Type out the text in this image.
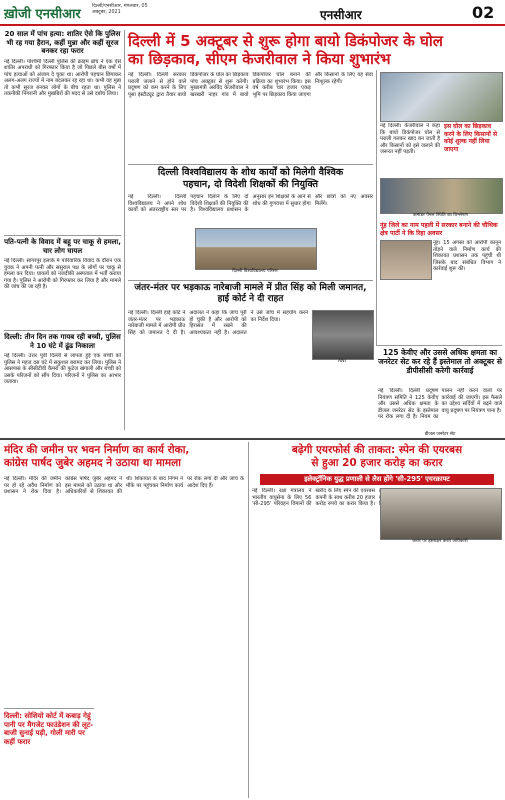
ख़ोजी एनसीआर
दिल्ली/एनसीआर, मंगलवार, 05 अक्टूबर, 2021	एनसीआर	02
दिल्ली में 5 अक्टूबर से शुरू होगा बायो डिकंपोजर के घोल
का छिड़काव, सीएम केजरीवाल ने किया शुभारंभ
20 साल में पांच हत्या: शातिर ऐसे कि पुलिस भी रह गया हैरान, कहीं मुन्ना और कहीं सूरज बनकर रहा फरार
नई दिल्ली। पश्चिमी दिल्ली पुलिस की क्राइम ब्रांच ने एक ऐसे शातिर अपराधी को गिरफ्तार किया है जो पिछले बीस वर्षों में पांच हत्याओं को अंजाम दे चुका था। आरोपी पहचान छिपाकर अलग-अलग राज्यों में नाम बदलकर रह रहा था। कभी वह मुन्ना तो कभी सूरज बनकर लोगों के बीच रहता था। पुलिस ने तकनीकी निगरानी और मुखबिरों की मदद से उसे दबोच लिया।
पति-पत्नी के विवाद में बहू पर चाकू से हमला, चार लोग घायल
नई दिल्ली। सागरपुर इलाके में पारिवारिक विवाद के दौरान एक युवक ने अपनी पत्नी और ससुराल पक्ष के लोगों पर चाकू से हमला कर दिया। घायलों को नजदीकी अस्पताल में भर्ती कराया गया है। पुलिस ने आरोपी को गिरफ्तार कर लिया है और मामले की जांच की जा रही है।
दिल्ली: तीन दिन तक गायब रही बच्ची, पुलिस ने 10 घंटे में ढूंढ निकाला
नई दिल्ली। उत्तर पूर्वी दिल्ली से लापता हुई एक बच्ची को पुलिस ने महज दस घंटे में सकुशल बरामद कर लिया। पुलिस ने आसपास के सीसीटीवी कैमरों की फुटेज खंगाली और बच्ची को उसके परिजनों को सौंप दिया। परिजनों ने पुलिस का आभार जताया।
नई दिल्ली। दिल्ली सरकार पराली जलाने से होने वाले प्रदूषण को कम करने के लिए पूसा इंस्टीट्यूट द्वारा तैयार बायो डिकंपोजर के घोल का छिड़काव पांच अक्टूबर से शुरू करेगी। मुख्यमंत्री अरविंद केजरीवाल ने खरखरी नाहर गांव में बायो डिकंपोजर घोल बनाने की प्रक्रिया का शुभारंभ किया। इस वर्ष करीब चार हजार एकड़ भूमि पर छिड़काव किया जाएगा और किसानों के लिए यह सेवा निःशुल्क रहेगी।
नई दिल्ली। केजरीवाल ने कहा कि बायो डिकंपोजर घोल से पराली गलकर खाद बन जाती है और किसानों को इसे जलाने की जरूरत नहीं पड़ती।
इस घोल का छिड़काव करने के लिए किसानों से कोई शुल्क नहीं लिया जाएगा
कमांडर पैनल स्थिति का विश्लेषण
नूंह जिले का नाम पहली में सरकार बनाने की चौथिक क्षेत्र पार्टी ने कि रिहा अवसर
नूंह। 15 अगस्त को आरोपी कानून तोड़ने वाले निर्माण कार्य की शिकायत प्रशासन तक पहुंची थी जिसके बाद संबंधित विभाग ने कार्रवाई शुरू की।
दिल्ली विश्वविद्यालय के शोध कार्यों को मिलेगी वैश्विक
पहचान, दो विदेशी शिक्षकों की नियुक्ति
नई दिल्ली। दिल्ली विश्वविद्यालय ने अपने शोध कार्यों को अंतरराष्ट्रीय स्तर पर पहचान दिलाने के लिए दो विदेशी शिक्षकों की नियुक्ति की है। विश्वविद्यालय प्रशासन के अनुसार इन शिक्षकों के आने से शोध की गुणवत्ता में सुधार होगा और छात्रों को नए अवसर मिलेंगे।
दिल्ली विश्वविद्यालय परिसर
जंतर-मंतर पर भड़काऊ नारेबाजी मामले में प्रीत सिंह को मिली जमानत, हाई कोर्ट ने दी राहत
नई दिल्ली। दिल्ली हाई कोर्ट ने जंतर-मंतर पर भड़काऊ नारेबाजी मामले में आरोपी प्रीत सिंह को जमानत दे दी है। अदालत ने कहा कि जांच पूरी हो चुकी है और आरोपी को हिरासत में रखने की आवश्यकता नहीं है। अदालत ने उसे जांच में सहयोग करने का निर्देश दिया।
ANI
125 केवीए और उससे अधिक क्षमता का जनरेटर सेट कर रहे हैं इस्तेमाल तो अक्टूबर से डीपीसीसी करेगी कार्रवाई
नई दिल्ली। दिल्ली प्रदूषण नियंत्रण समिति ने 125 केवीए और उससे अधिक क्षमता के डीजल जनरेटर सेट के इस्तेमाल पर रोक लगा दी है। नियम का पालन नहीं करने वालों पर कार्रवाई की जाएगी। इस फैसले का उद्देश्य सर्दियों में बढ़ने वाले वायु प्रदूषण पर नियंत्रण पाना है।
डीजल जनरेटर सेट
मंदिर की जमीन पर भवन निर्माण का कार्य रोका,
कांग्रेस पार्षद जुबेर अहमद ने उठाया था मामला
नई दिल्ली। मंदिर की जमीन पर हो रहे अवैध निर्माण को प्रशासन ने रोक दिया है। कांग्रेस पार्षद जुबेर अहमद ने इस मामले को उठाया था और अधिकारियों से शिकायत की थी। शिकायत के बाद निगम ने मौके पर पहुंचकर निर्माण कार्य पर रोक लगा दी और जांच के आदेश दिए हैं।
दिल्ली: सोशियो कोर्ट में कबाड़ गेहूं पानी पर मैगजेट फाउंडेशन की लूट-बाजी सुनाई पड़ी, गोली मारी पर कहीं फरार
बढ़ेगी एयरफोर्स की ताकत: स्पेन की एयरबस
से हुआ 20 हजार करोड़ का करार
इलेक्ट्रॉनिक युद्ध प्रणाली से लैस होंगे 'सी-295' एयरक्राफ्ट
नई दिल्ली। रक्षा मंत्रालय ने भारतीय वायुसेना के लिए 56 'सी-295' परिवहन विमानों की खरीद के लिए स्पेन की एयरबस कंपनी के साथ करीब 20 हजार करोड़ रुपये का करार किया है।
करार पर हस्ताक्षर करते अधिकारी
